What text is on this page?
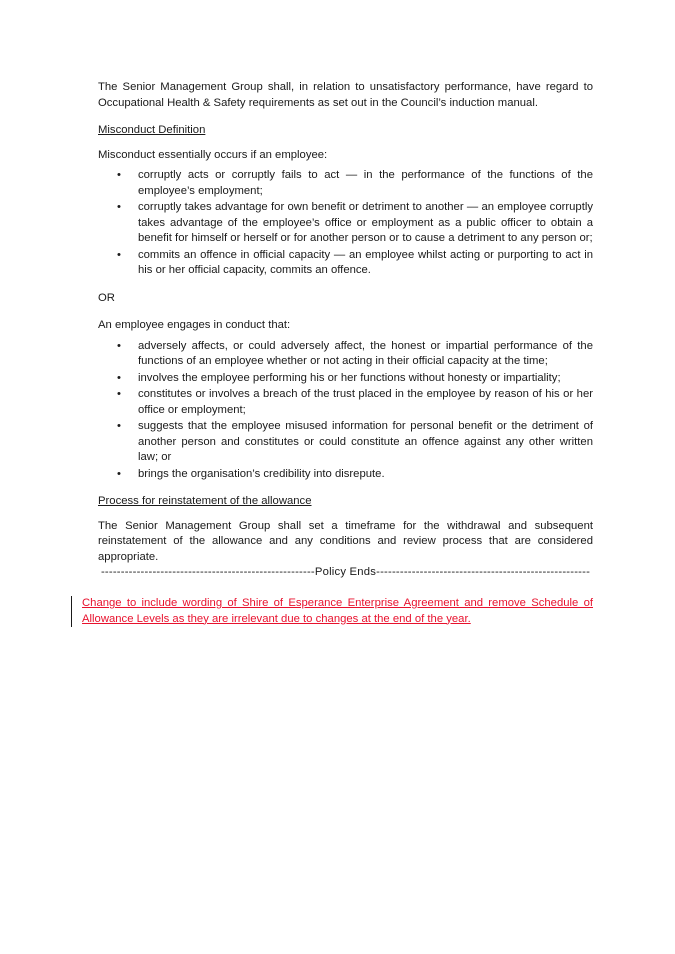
The Senior Management Group shall, in relation to unsatisfactory performance, have regard to Occupational Health & Safety requirements as set out in the Council’s induction manual.

Misconduct Definition

Misconduct essentially occurs if an employee:

• corruptly acts or corruptly fails to act — in the performance of the functions of the employee’s employment;
• corruptly takes advantage for own benefit or detriment to another — an employee corruptly takes advantage of the employee’s office or employment as a public officer to obtain a benefit for himself or herself or for another person or to cause a detriment to any person or;
• commits an offence in official capacity — an employee whilst acting or purporting to act in his or her official capacity, commits an offence.

OR

An employee engages in conduct that:

• adversely affects, or could adversely affect, the honest or impartial performance of the functions of an employee whether or not acting in their official capacity at the time;
• involves the employee performing his or her functions without honesty or impartiality;
• constitutes or involves a breach of the trust placed in the employee by reason of his or her office or employment;
• suggests that the employee misused information for personal benefit or the detriment of another person and constitutes or could constitute an offence against any other written law; or
• brings the organisation’s credibility into disrepute.

Process for reinstatement of the allowance

The Senior Management Group shall set a timeframe for the withdrawal and subsequent reinstatement of the allowance and any conditions and review process that are considered appropriate.

------------------------------------------------------Policy Ends------------------------------------------------------
Change to include wording of Shire of Esperance Enterprise Agreement and remove Schedule of Allowance Levels as they are irrelevant due to changes at the end of the year.
